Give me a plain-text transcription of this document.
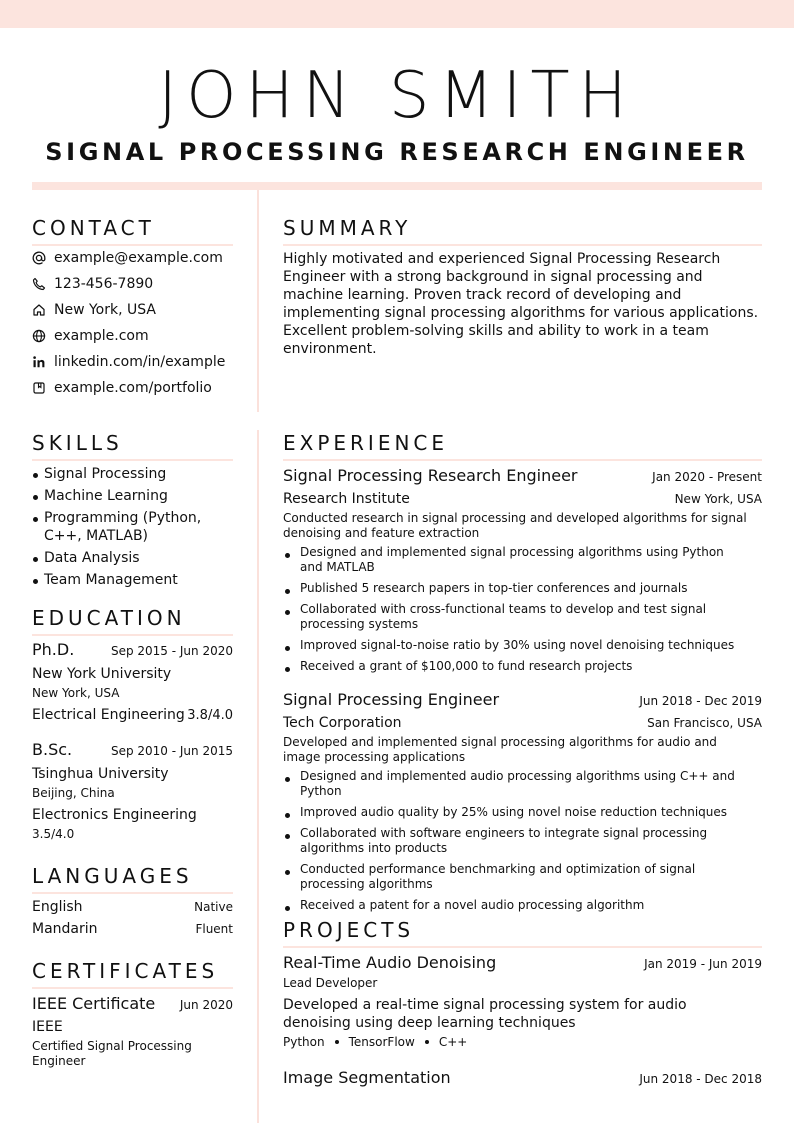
JOHN SMITH
SIGNAL PROCESSING RESEARCH ENGINEER
CONTACT
example@example.com
123-456-7890
New York, USA
example.com
linkedin.com/in/example
example.com/portfolio
SKILLS
Signal Processing
Machine Learning
Programming (Python, C++, MATLAB)
Data Analysis
Team Management
EDUCATION
Ph.D.	Sep 2015 - Jun 2020
New York University
New York, USA
Electrical Engineering 3.8/4.0
B.Sc.	Sep 2010 - Jun 2015
Tsinghua University
Beijing, China
Electronics Engineering
3.5/4.0
LANGUAGES
English	Native
Mandarin	Fluent
CERTIFICATES
IEEE Certificate Jun 2020
IEEE
Certified Signal Processing Engineer
SUMMARY
Highly motivated and experienced Signal Processing Research Engineer with a strong background in signal processing and machine learning. Proven track record of developing and implementing signal processing algorithms for various applications. Excellent problem-solving skills and ability to work in a team environment.
EXPERIENCE
Signal Processing Research Engineer	Jan 2020 - Present
Research Institute	New York, USA
Conducted research in signal processing and developed algorithms for signal denoising and feature extraction
Designed and implemented signal processing algorithms using Python and MATLAB
Published 5 research papers in top-tier conferences and journals
Collaborated with cross-functional teams to develop and test signal processing systems
Improved signal-to-noise ratio by 30% using novel denoising techniques
Received a grant of $100,000 to fund research projects
Signal Processing Engineer	Jun 2018 - Dec 2019
Tech Corporation	San Francisco, USA
Developed and implemented signal processing algorithms for audio and image processing applications
Designed and implemented audio processing algorithms using C++ and Python
Improved audio quality by 25% using novel noise reduction techniques
Collaborated with software engineers to integrate signal processing algorithms into products
Conducted performance benchmarking and optimization of signal processing algorithms
Received a patent for a novel audio processing algorithm
PROJECTS
Real-Time Audio Denoising	Jan 2019 - Jun 2019
Lead Developer
Developed a real-time signal processing system for audio denoising using deep learning techniques
Python TensorFlow C++
Image Segmentation	Jun 2018 - Dec 2018
